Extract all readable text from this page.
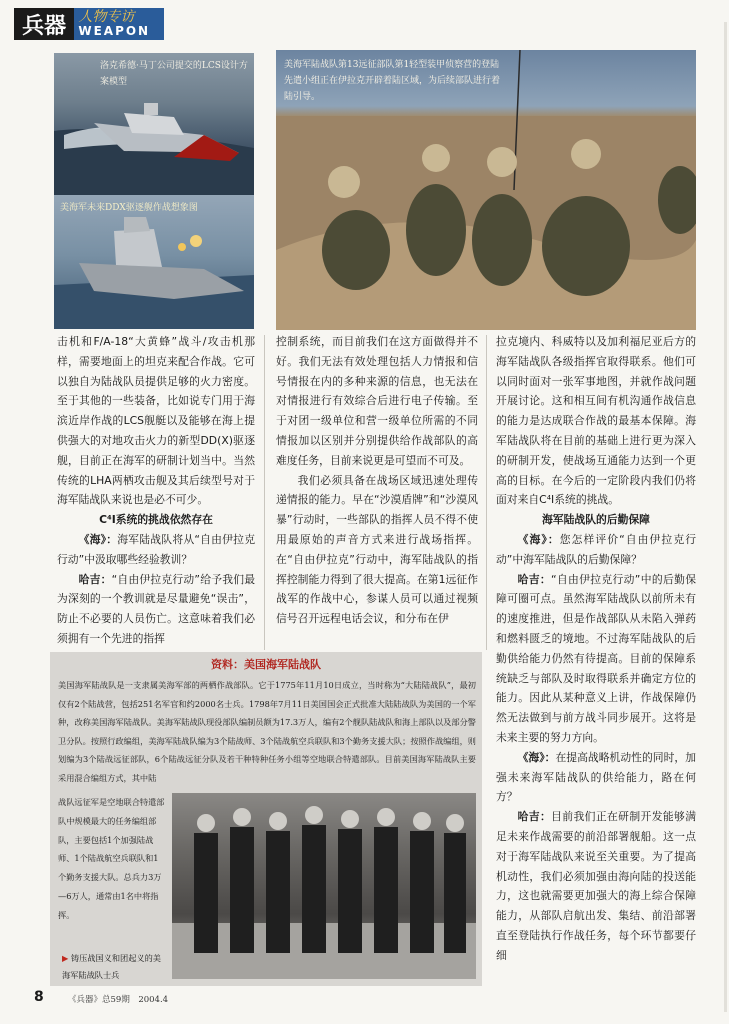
兵器 人物专访
WEAPON
洛克希德·马丁公司提交的LCS设计方案模型
美海军未来DDX驱逐舰作战想象图
美海军陆战队第13远征部队第1轻型装甲侦察营的登陆先遣小组正在伊拉克开辟着陆区域，为后续部队进行着陆引导。

击机和F/A-18“大黄蜂”战斗/攻击机那样，需要地面上的坦克来配合作战。它可以独自为陆战队员提供足够的火力密度。至于其他的一些装备，比如说专门用于海滨近岸作战的LCS舰艇以及能够在海上提供强大的对地攻击火力的新型DD(X)驱逐舰，目前正在海军的研制计划当中。当然传统的LHA两栖攻击舰及其后续型号对于海军陆战队来说也是必不可少。

C⁴I系统的挑战依然存在

《海》：海军陆战队将从“自由伊拉克行动”中汲取哪些经验教训？

哈吉：“自由伊拉克行动”给予我们最为深刻的一个教训就是尽量避免“误击”，防止不必要的人员伤亡。这意味着我们必须拥有一个先进的指挥

控制系统，而目前我们在这方面做得并不好。我们无法有效处理包括人力情报和信号情报在内的多种来源的信息，也无法在对情报进行有效综合后进行电子传输。至于对团一级单位和营一级单位所需的不同情报加以区别并分别提供给作战部队的高难度任务，目前来说更是可望而不可及。

我们必须具备在战场区域迅速处理传递情报的能力。早在“沙漠盾牌”和“沙漠风暴”行动时，一些部队的指挥人员不得不使用最原始的声音方式来进行战场指挥。在“自由伊拉克”行动中，海军陆战队的指挥控制能力得到了很大提高。在第1远征作战军的作战中心，参谋人员可以通过视频信号召开远程电话会议，和分布在伊

拉克境内、科威特以及加利福尼亚后方的海军陆战队各级指挥官取得联系。他们可以同时面对一张军事地图，并就作战问题开展讨论。这和相互间有机沟通作战信息的能力是达成联合作战的最基本保障。海军陆战队将在目前的基础上进行更为深入的研制开发，使战场互通能力达到一个更高的目标。在今后的一定阶段内我们仍将面对来自C⁴I系统的挑战。

海军陆战队的后勤保障

《海》：您怎样评价“自由伊拉克行动”中海军陆战队的后勤保障？

哈吉：“自由伊拉克行动”中的后勤保障可圈可点。虽然海军陆战队以前所未有的速度推进，但是作战部队从未陷入弹药和燃料匮乏的境地。不过海军陆战队的后勤供给能力仍然有待提高。目前的保障系统缺乏与部队及时取得联系并确定方位的能力。因此从某种意义上讲，作战保障仍然无法做到与前方战斗同步展开。这将是未来主要的努力方向。

《海》：在提高战略机动性的同时，加强未来海军陆战队的供给能力，路在何方？

哈吉：目前我们正在研制开发能够满足未来作战需要的前沿部署舰船。这一点对于海军陆战队来说至关重要。为了提高机动性，我们必须加强由海向陆的投送能力，这也就需要更加强大的海上综合保障能力，从部队启航出发、集结、前沿部署直至登陆执行作战任务，每个环节都要仔细

资料：美国海军陆战队
美国海军陆战队是一支隶属美海军部的两栖作战部队。它于1775年11月10日成立，当时称为“大陆陆战队”，最初仅有2个陆战营，包括251名军官和约2000名士兵。1798年7月11日美国国会正式批准大陆陆战队为美国的一个军种，改称美国海军陆战队。美海军陆战队现役部队编制员额为17.3万人，编有2个舰队陆战队和海上部队以及部分警卫分队。按照行政编组，美海军陆战队编为3个陆战师、3个陆战航空兵联队和3个勤务支援大队；按照作战编组，则划编为3个陆战远征部队，6个陆战远征分队及若干种特种任务小组等空地联合特遣部队。目前美国海军陆战队主要采用混合编组方式，其中陆
战队远征军是空地联合特遣部队中规模最大的任务编组部队，主要包括1个加强陆战师、1个陆战航空兵联队和1个勤务支援大队。总兵力3万—6万人，通常由1名中将指挥。
▶ 铸压战国义和团起义的美海军陆战队士兵
8	《兵器》总59期　2004.4
